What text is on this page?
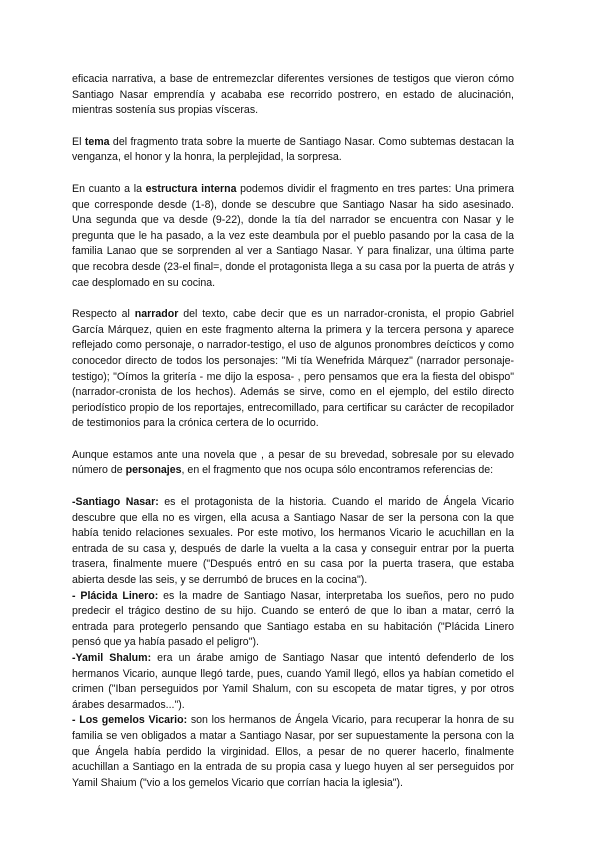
eficacia narrativa, a base de entremezclar diferentes versiones de testigos que vieron cómo Santiago Nasar emprendía y acababa ese recorrido postrero, en estado de alucinación, mientras sostenía sus propias vísceras.

El tema del fragmento trata sobre la muerte de Santiago Nasar. Como subtemas destacan la venganza, el honor y la honra, la perplejidad, la sorpresa.

En cuanto a la estructura interna podemos dividir el fragmento en tres partes: Una primera que corresponde desde (1-8), donde se descubre que Santiago Nasar ha sido asesinado. Una segunda que va desde (9-22), donde la tía del narrador se encuentra con Nasar y le pregunta que le ha pasado, a la vez este deambula por el pueblo pasando por la casa de la familia Lanao que se sorprenden al ver a Santiago Nasar. Y para finalizar, una última parte que recobra desde (23-el final=, donde el protagonista llega a su casa por la puerta de atrás y cae desplomado en su cocina.

Respecto al narrador del texto, cabe decir que es un narrador-cronista, el propio Gabriel García Márquez, quien en este fragmento alterna la primera y la tercera persona y aparece reflejado como personaje, o narrador-testigo, el uso de algunos pronombres deícticos y como conocedor directo de todos los personajes: "Mi tía Wenefrida Márquez" (narrador personaje- testigo); "Oímos la gritería - me dijo la esposa- , pero pensamos que era la fiesta del obispo" (narrador-cronista de los hechos). Además se sirve, como en el ejemplo, del estilo directo periodístico propio de los reportajes, entrecomillado, para certificar su carácter de recopilador de testimonios para la crónica certera de lo ocurrido.

Aunque estamos ante una novela que , a pesar de su brevedad, sobresale por su elevado número de personajes, en el fragmento que nos ocupa sólo encontramos referencias de:

-Santiago Nasar: es el protagonista de la historia. Cuando el marido de Ángela Vicario descubre que ella no es virgen, ella acusa a Santiago Nasar de ser la persona con la que había tenido relaciones sexuales. Por este motivo, los hermanos Vicario le acuchillan en la entrada de su casa y, después de darle la vuelta a la casa y conseguir entrar por la puerta trasera, finalmente muere ("Después entró en su casa por la puerta trasera, que estaba abierta desde las seis, y se derrumbó de bruces en la cocina").

- Plácida Linero: es la madre de Santiago Nasar, interpretaba los sueños, pero no pudo predecir el trágico destino de su hijo. Cuando se enteró de que lo iban a matar, cerró la entrada para protegerlo pensando que Santiago estaba en su habitación ("Plácida Linero pensó que ya había pasado el peligro").

-Yamil Shalum: era un árabe amigo de Santiago Nasar que intentó defenderlo de los hermanos Vicario, aunque llegó tarde, pues, cuando Yamil llegó, ellos ya habían cometido el crimen ("Iban perseguidos por Yamil Shalum, con su escopeta de matar tigres, y por otros árabes desarmados...").

- Los gemelos Vicario: son los hermanos de Ángela Vicario, para recuperar la honra de su familia se ven obligados a matar a Santiago Nasar, por ser supuestamente la persona con la que Ángela había perdido la virginidad. Ellos, a pesar de no querer hacerlo, finalmente acuchillan a Santiago en la entrada de su propia casa y luego huyen al ser perseguidos por Yamil Shaium ("vio a los gemelos Vicario que corrían hacia la iglesia").
